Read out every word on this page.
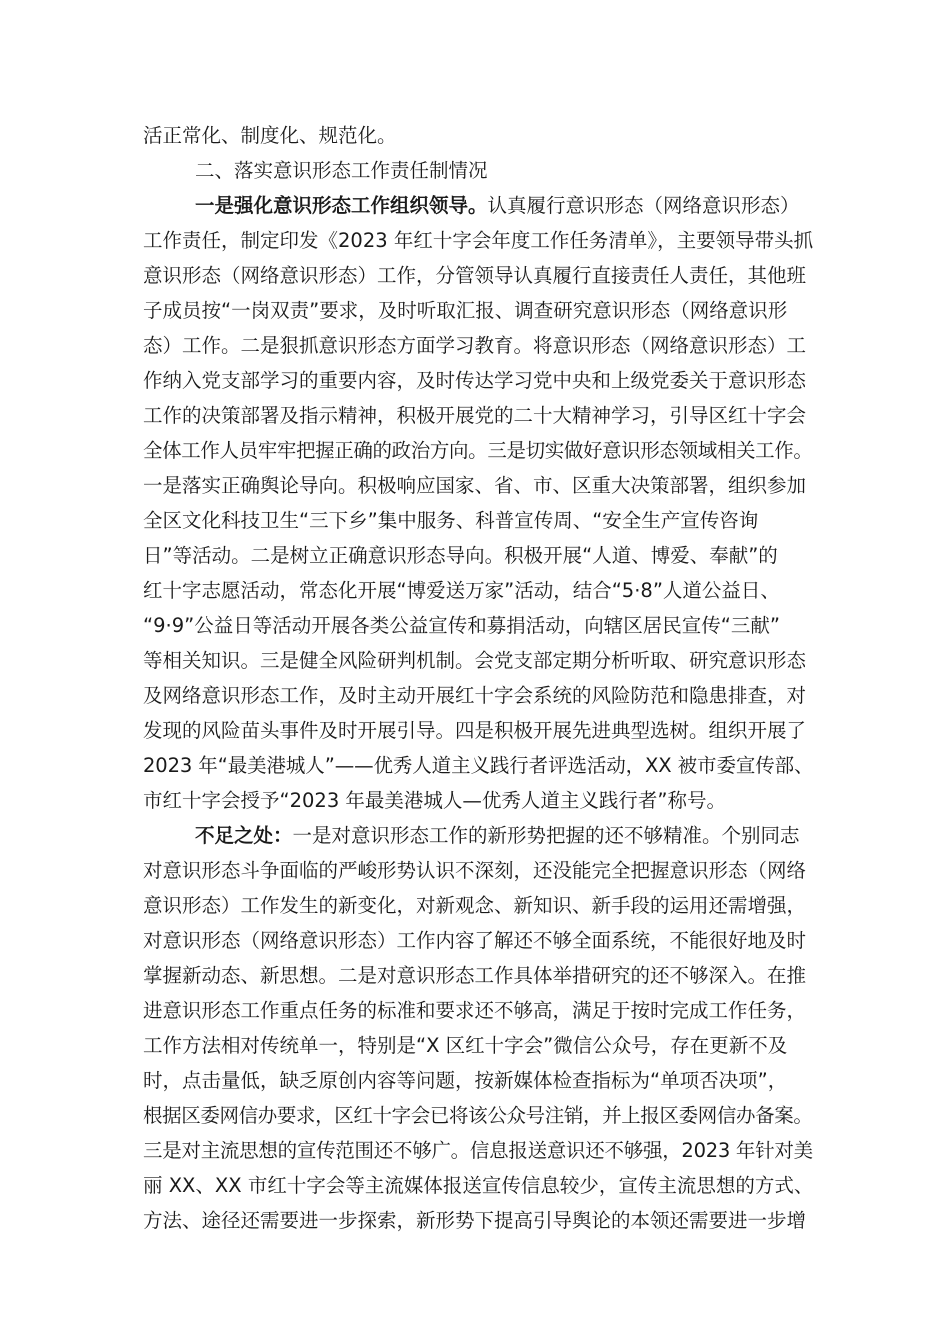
活正常化、制度化、规范化。
二、落实意识形态工作责任制情况
一是强化意识形态工作组织领导。认真履行意识形态（网络意识形态）
工作责任，制定印发《2023 年红十字会年度工作任务清单》，主要领导带头抓
意识形态（网络意识形态）工作，分管领导认真履行直接责任人责任，其他班
子成员按“一岗双责”要求，及时听取汇报、调查研究意识形态（网络意识形
态）工作。二是狠抓意识形态方面学习教育。将意识形态（网络意识形态）工
作纳入党支部学习的重要内容，及时传达学习党中央和上级党委关于意识形态
工作的决策部署及指示精神，积极开展党的二十大精神学习，引导区红十字会
全体工作人员牢牢把握正确的政治方向。三是切实做好意识形态领域相关工作。
一是落实正确舆论导向。积极响应国家、省、市、区重大决策部署，组织参加
全区文化科技卫生“三下乡”集中服务、科普宣传周、“安全生产宣传咨询
日”等活动。二是树立正确意识形态导向。积极开展“人道、博爱、奉献”的
红十字志愿活动，常态化开展“博爱送万家”活动，结合“5·8”人道公益日、
“9·9”公益日等活动开展各类公益宣传和募捐活动，向辖区居民宣传“三献”
等相关知识。三是健全风险研判机制。会党支部定期分析听取、研究意识形态
及网络意识形态工作，及时主动开展红十字会系统的风险防范和隐患排查，对
发现的风险苗头事件及时开展引导。四是积极开展先进典型选树。组织开展了
2023 年“最美港城人”——优秀人道主义践行者评选活动，XX 被市委宣传部、
市红十字会授予“2023 年最美港城人—优秀人道主义践行者”称号。
不足之处：一是对意识形态工作的新形势把握的还不够精准。个别同志
对意识形态斗争面临的严峻形势认识不深刻，还没能完全把握意识形态（网络
意识形态）工作发生的新变化，对新观念、新知识、新手段的运用还需增强，
对意识形态（网络意识形态）工作内容了解还不够全面系统，不能很好地及时
掌握新动态、新思想。二是对意识形态工作具体举措研究的还不够深入。在推
进意识形态工作重点任务的标准和要求还不够高，满足于按时完成工作任务，
工作方法相对传统单一，特别是“X 区红十字会”微信公众号，存在更新不及
时，点击量低，缺乏原创内容等问题，按新媒体检查指标为“单项否决项”，
根据区委网信办要求，区红十字会已将该公众号注销，并上报区委网信办备案。
三是对主流思想的宣传范围还不够广。信息报送意识还不够强，2023 年针对美
丽 XX、XX 市红十字会等主流媒体报送宣传信息较少，宣传主流思想的方式、
方法、途径还需要进一步探索，新形势下提高引导舆论的本领还需要进一步增
